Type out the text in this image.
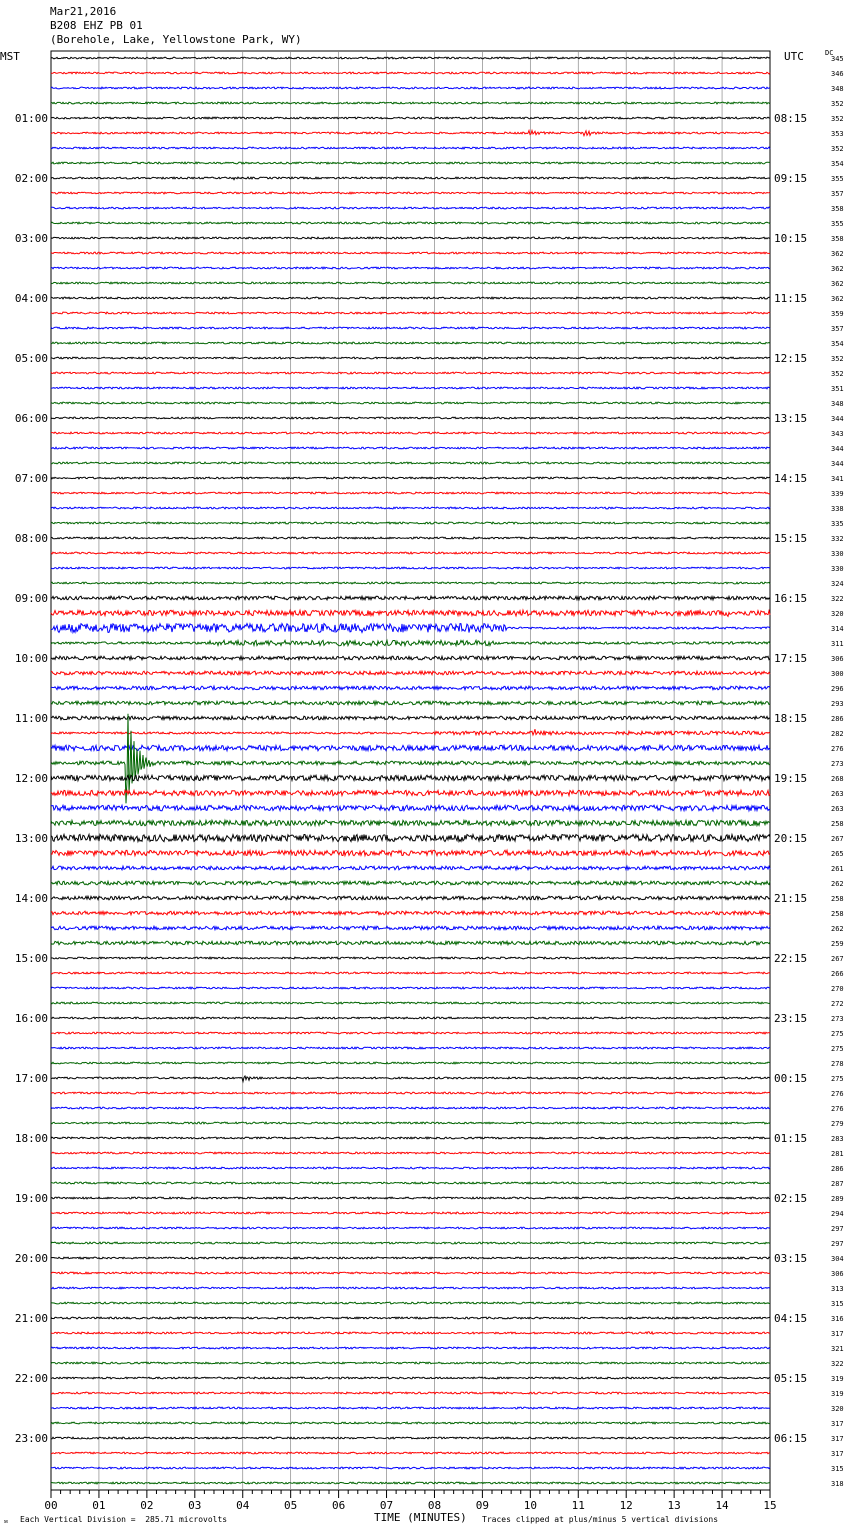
Mar21,2016
B208 EHZ PB 01
(Borehole, Lake, Yellowstone Park, WY)
MST	UTC	DC
345
346
348
352
352
353
352
354
355
357
358
355
358
362
362
362
362
359
357
354
352
352
351
348
344
343
344
344
341
339
338
335
332
330
330
324
322
320
314
311
306
300
296
293
286
282
276
273
268
263
263
258
267
265
261
262
258
258
262
259
267
266
270
272
273
275
275
278
275
276
276
279
283
281
286
287
289
294
297
297
304
306
313
315
316
317
321
322
319
319
320
317
317
317
315
318
01:00
02:00
03:00
04:00
05:00
06:00
07:00
08:00
09:00
10:00
11:00
12:00
13:00
14:00
15:00
16:00
17:00
18:00
19:00
20:00
21:00
22:00
23:00
08:15
09:15
10:15
11:15
12:15
13:15
14:15
15:15
16:15
17:15
18:15
19:15
20:15
21:15
22:15
23:15
00:15
01:15
02:15
03:15
04:15
05:15
06:15
00	01	02	03	04	05	06	07	08	09	10	11	12	13	14	15
ᴍ Each Vertical Division =  285.71 microvolts	TIME (MINUTES) Traces clipped at plus/minus 5 vertical divisions
